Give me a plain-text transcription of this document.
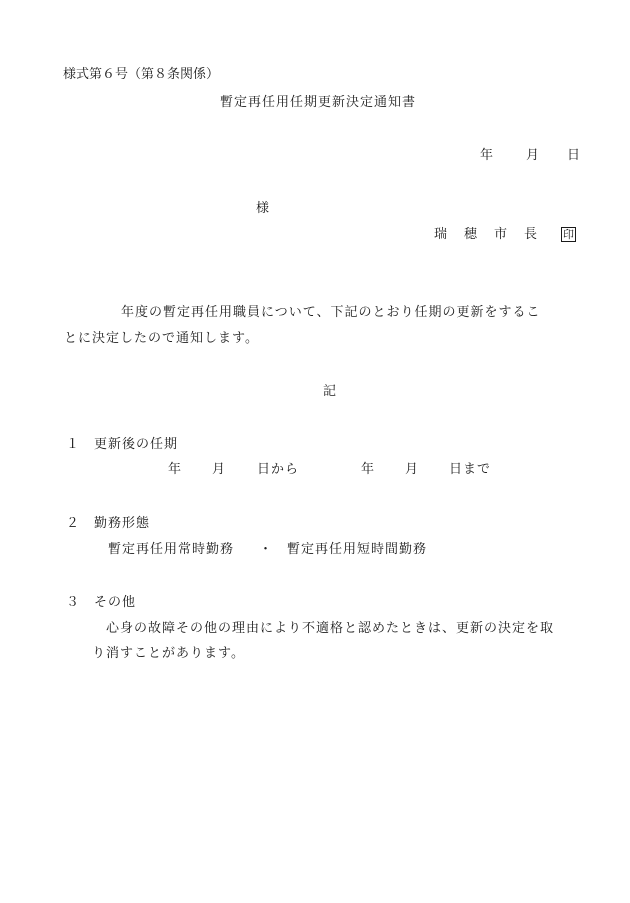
様式第６号（第８条関係）
暫定再任用任期更新決定通知書
年	月 日
様
瑞　穂　市　長 印
年度の暫定再任用職員について、下記のとおり任期の更新をするこ
とに決定したので通知します。
記
１ 更新後の任期
年 月 日から	年 月 日まで
２ 勤務形態
暫定再任用常時勤務 ・ 暫定再任用短時間勤務
３ その他
心身の故障その他の理由により不適格と認めたときは、更新の決定を取
り消すことがあります。
